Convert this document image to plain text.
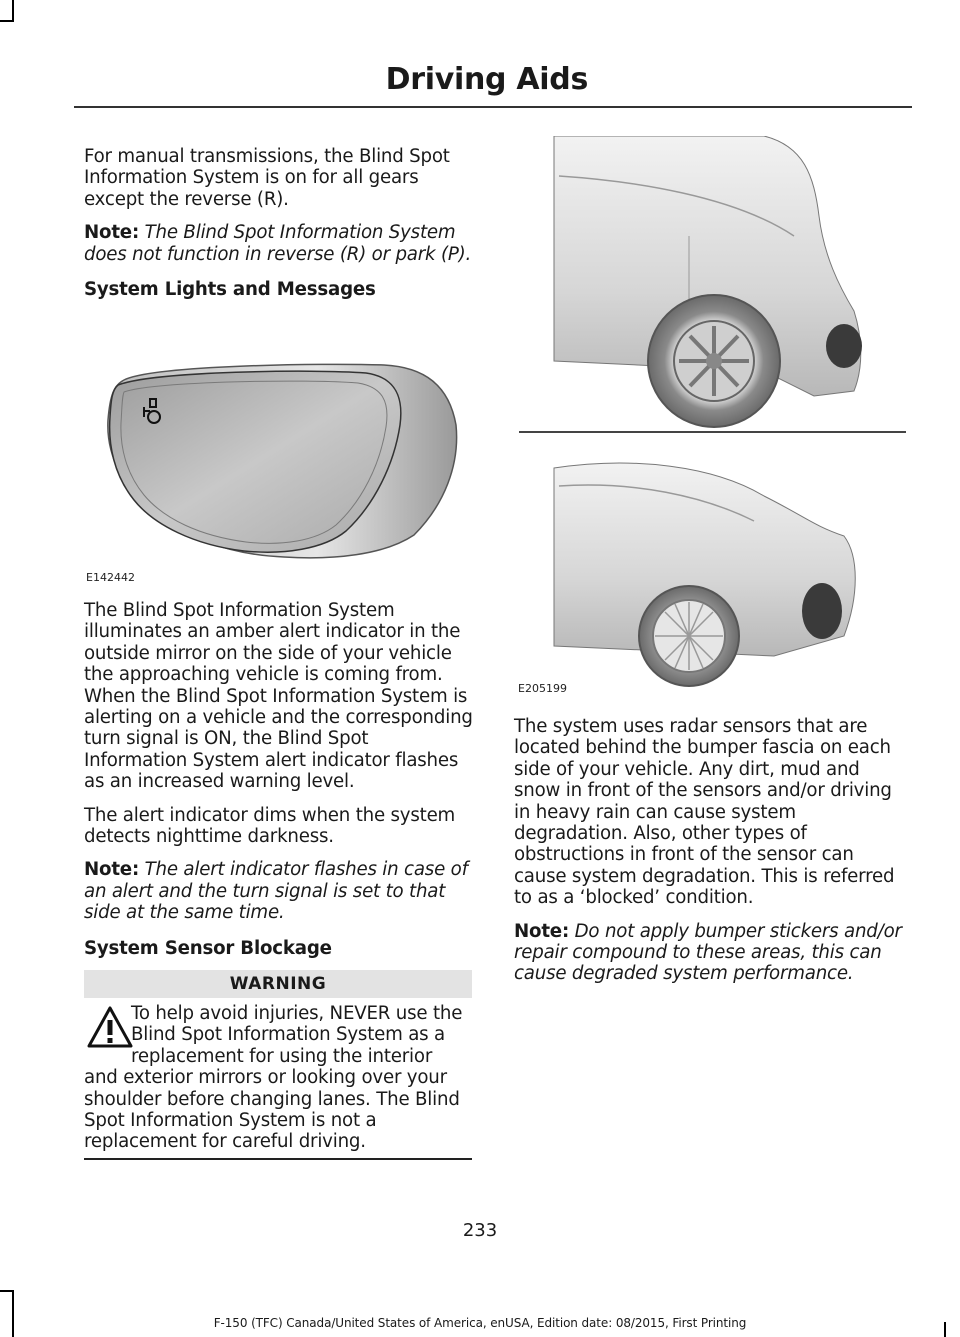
Driving Aids

For manual transmissions, the Blind Spot Information System is on for all gears except the reverse (R).

Note: The Blind Spot Information System does not function in reverse (R) or park (P).

System Lights and Messages
E142442

The Blind Spot Information System illuminates an amber alert indicator in the outside mirror on the side of your vehicle the approaching vehicle is coming from. When the Blind Spot Information System is alerting on a vehicle and the corresponding turn signal is ON, the Blind Spot Information System alert indicator flashes as an increased warning level.

The alert indicator dims when the system detects nighttime darkness.

Note: The alert indicator flashes in case of an alert and the turn signal is set to that side at the same time.

System Sensor Blockage
WARNING
To help avoid injuries, NEVER use the
Blind Spot Information System as a
replacement for using the interior
and exterior mirrors or looking over your shoulder before changing lanes. The Blind Spot Information System is not a replacement for careful driving.
E205199

The system uses radar sensors that are located behind the bumper fascia on each side of your vehicle. Any dirt, mud and snow in front of the sensors and/or driving in heavy rain can cause system degradation. Also, other types of obstructions in front of the sensor can cause system degradation. This is referred to as a ‘blocked’ condition.

Note: Do not apply bumper stickers and/or repair compound to these areas, this can cause degraded system performance.

233
F-150 (TFC) Canada/United States of America, enUSA, Edition date: 08/2015, First Printing
